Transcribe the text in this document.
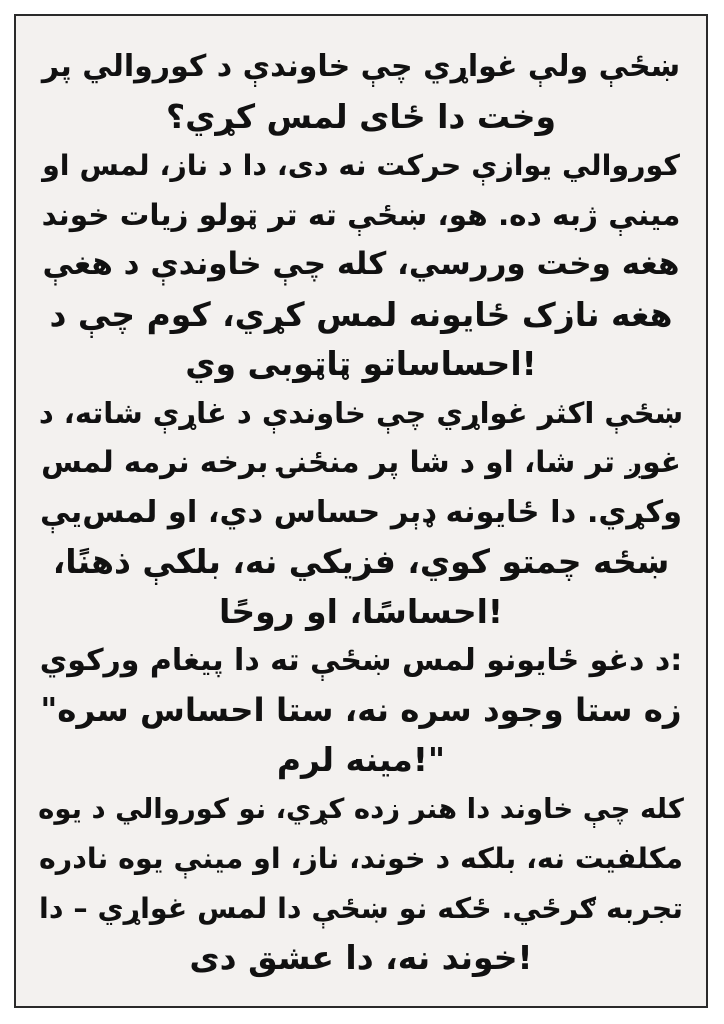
ښځې ولې غواړي چې خاوندې د کوروالي پر
وخت دا ځای لمس کړي؟
کوروالي یوازې حرکت نه دی، دا د ناز، لمس او
مینې ژبه ده. هو، ښځې ته تر ټولو زیات خوند
هغه وخت وررسي، کله چې خاوندې د هغې
هغه نازک ځایونه لمس کړي، کوم چې د
!احساساتو ټاټوبی وي
ښځې اکثر غواړي چې خاوندې د غاړې شاته، د
غوږ تر شا، او د شا پر منځنۍ برخه نرمه لمس
وکړي. دا ځایونه ډېر حساس دي، او لمس‌یې
ښځه چمتو کوي، فزیکي نه، بلکې ذهنًا،
!احساسًا، او روحًا
:د دغو ځایونو لمس ښځې ته دا پیغام ورکوي
زه ستا وجود سره نه، ستا احساس سره"
"!مینه لرم
کله چې خاوند دا هنر زده کړي، نو کوروالي د یوه
مکلفیت نه، بلکه د خوند، ناز، او مینې یوه نادره
تجربه ګرځي. ځکه نو ښځې دا لمس غواړي – دا
!خوند نه، دا عشق دی
